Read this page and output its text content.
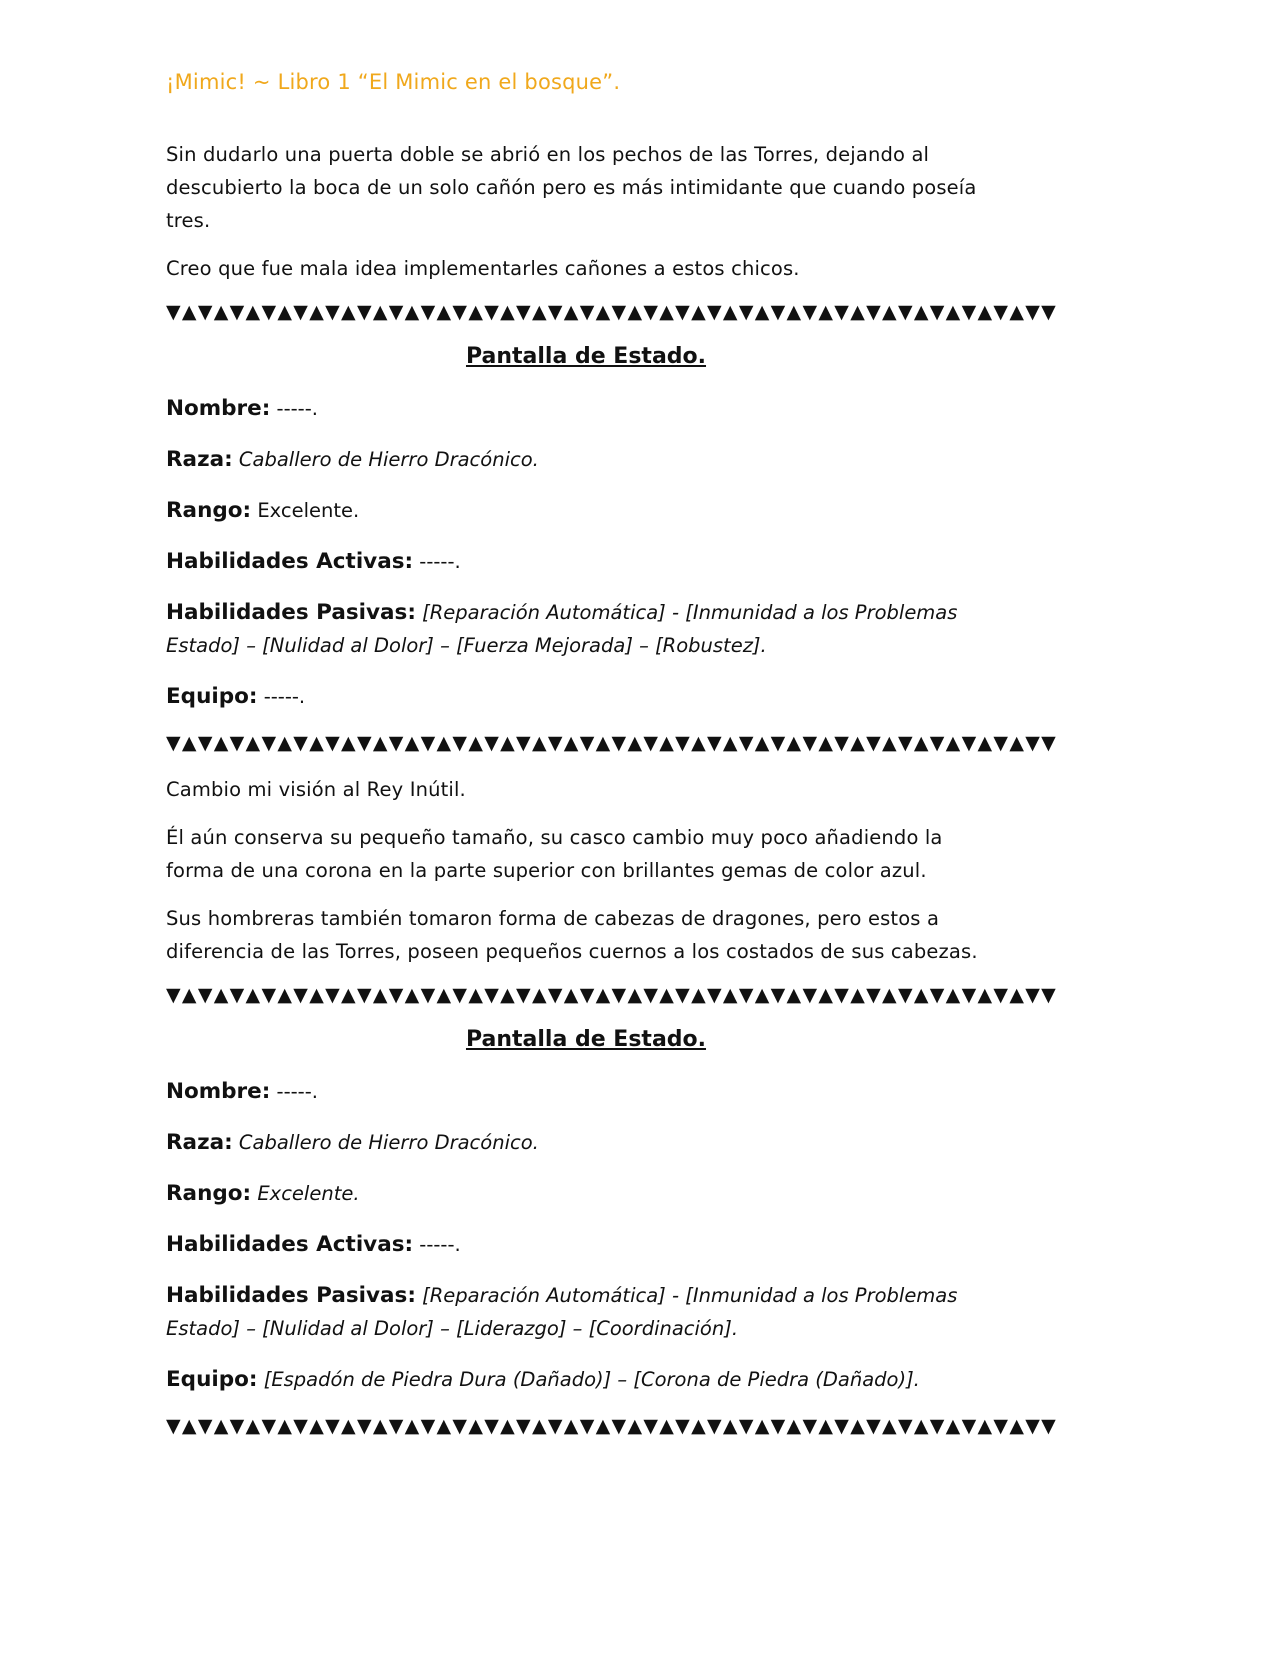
¡Mimic! ~ Libro 1 “El Mimic en el bosque”.

Sin dudarlo una puerta doble se abrió en los pechos de las Torres, dejando al descubierto la boca de un solo cañón pero es más intimidante que cuando poseía tres.

Creo que fue mala idea implementarles cañones a estos chicos.

▼▲▼▲▼▲▼▲▼▲▼▲▼▲▼▲▼▲▼▲▼▲▼▲▼▲▼▲▼▲▼▲▼▲▼▲▼▲▼▲▼▲▼▲▼▲▼▲▼▲▼▲▼▲▼▼
Pantalla de Estado.
Nombre: -----.
Raza: Caballero de Hierro Dracónico.
Rango: Excelente.
Habilidades Activas: -----.
Habilidades Pasivas: [Reparación Automática] - [Inmunidad a los Problemas Estado] – [Nulidad al Dolor] – [Fuerza Mejorada] – [Robustez].
Equipo: -----.
▼▲▼▲▼▲▼▲▼▲▼▲▼▲▼▲▼▲▼▲▼▲▼▲▼▲▼▲▼▲▼▲▼▲▼▲▼▲▼▲▼▲▼▲▼▲▼▲▼▲▼▲▼▲▼▼

Cambio mi visión al Rey Inútil.

Él aún conserva su pequeño tamaño, su casco cambio muy poco añadiendo la forma de una corona en la parte superior con brillantes gemas de color azul.

Sus hombreras también tomaron forma de cabezas de dragones, pero estos a diferencia de las Torres, poseen pequeños cuernos a los costados de sus cabezas.

▼▲▼▲▼▲▼▲▼▲▼▲▼▲▼▲▼▲▼▲▼▲▼▲▼▲▼▲▼▲▼▲▼▲▼▲▼▲▼▲▼▲▼▲▼▲▼▲▼▲▼▲▼▲▼▼
Pantalla de Estado.
Nombre: -----.
Raza: Caballero de Hierro Dracónico.
Rango: Excelente.
Habilidades Activas: -----.
Habilidades Pasivas: [Reparación Automática] - [Inmunidad a los Problemas Estado] – [Nulidad al Dolor] – [Liderazgo] – [Coordinación].
Equipo: [Espadón de Piedra Dura (Dañado)] – [Corona de Piedra (Dañado)].
▼▲▼▲▼▲▼▲▼▲▼▲▼▲▼▲▼▲▼▲▼▲▼▲▼▲▼▲▼▲▼▲▼▲▼▲▼▲▼▲▼▲▼▲▼▲▼▲▼▲▼▲▼▲▼▼
